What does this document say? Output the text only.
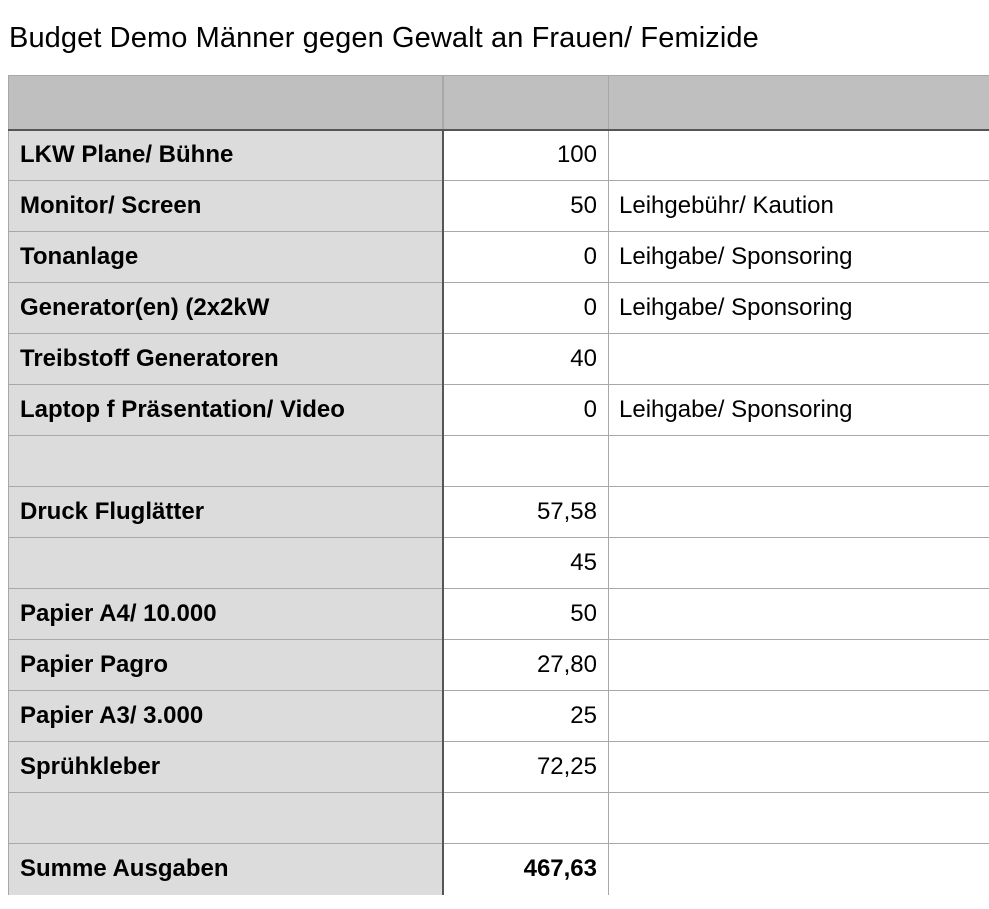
Budget Demo Männer gegen Gewalt an Frauen/ Femizide

LKW Plane/ Bühne	100	
Monitor/ Screen	50	Leihgebühr/ Kaution
Tonanlage	0	Leihgabe/ Sponsoring
Generator(en) (2x2kW	0	Leihgabe/ Sponsoring
Treibstoff Generatoren	40	
Laptop f Präsentation/ Video	0	Leihgabe/ Sponsoring

Druck Fluglätter	57,58	
	45	
Papier A4/ 10.000	50	
Papier Pagro	27,80	
Papier A3/ 3.000	25	
Sprühkleber	72,25	

Summe Ausgaben	467,63	
